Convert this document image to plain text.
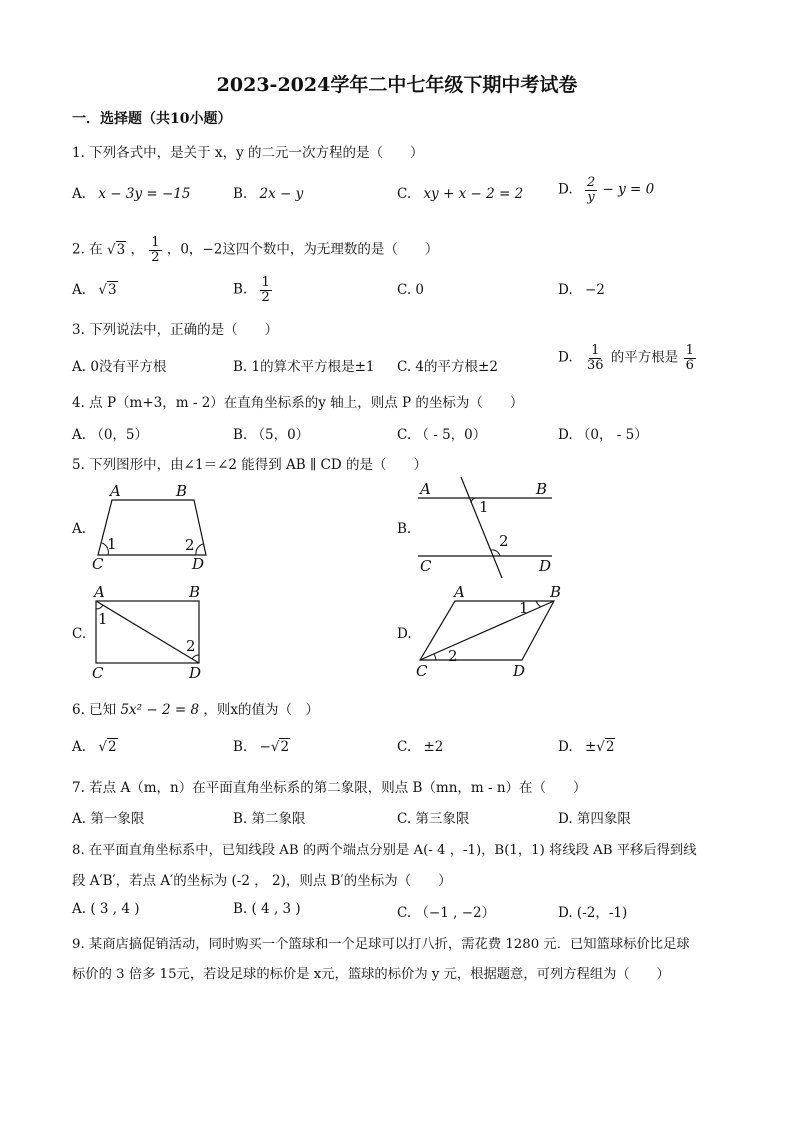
2023-2024学年二中七年级下期中考试卷
一．选择题（共10小题）
1. 下列各式中，是关于 x，y 的二元一次方程的是（　　）
A. x − 3y = −15	B. 2x − y	C. xy + x − 2 = 2	D. $\frac{2}{y} - y = 0$
2. 在 √3 ， $\frac{1}{2}$ ，0，−2这四个数中，为无理数的是（　　）
A. √3	B. $\frac{1}{2}$	C. 0	D. −2
3. 下列说法中，正确的是（　　）
A. 0没有平方根	B. 1的算术平方根是±1 C. 4的平方根±2
D. $\frac{1}{36}$ 的平方根是 $\frac{1}{6}$
4. 点 P（m+3，m - 2）在直角坐标系的y 轴上，则点 P 的坐标为（　　）
A. （0，5）	B. （5，0）	C. （ - 5，0）	D. （0， - 5）
5. 下列图形中，由∠1＝∠2 能得到 AB ∥ CD 的是（　　）
A.
A	B
C	D
1	2
B.
A	B
C	D
1
2
C.
A	B
C	D
1
2
D.
A	B
C	D
1
2
6. 已知 5x² − 2 = 8 ，则x的值为（　）
A. √2	B. −√2	C. ±2	D. ±√2
7. 若点 A（m，n）在平面直角坐标系的第二象限，则点 B（mn，m - n）在（　　）
A. 第一象限	B. 第二象限	C. 第三象限	D. 第四象限
8. 在平面直角坐标系中，已知线段 AB 的两个端点分别是 A(- 4 ，-1)，B(1，1) 将线段 AB 平移后得到线
段 A′B′，若点 A′的坐标为 (-2 ， 2)，则点 B′的坐标为（　　）
A. ( 3 , 4 )	B. ( 4 , 3 )	C. （−1 , −2）	D. (-2，-1)
9. 某商店搞促销活动，同时购买一个篮球和一个足球可以打八折，需花费 1280 元．已知篮球标价比足球
标价的 3 倍多 15元，若设足球的标价是 x元，篮球的标价为 y 元，根据题意，可列方程组为（　　）
